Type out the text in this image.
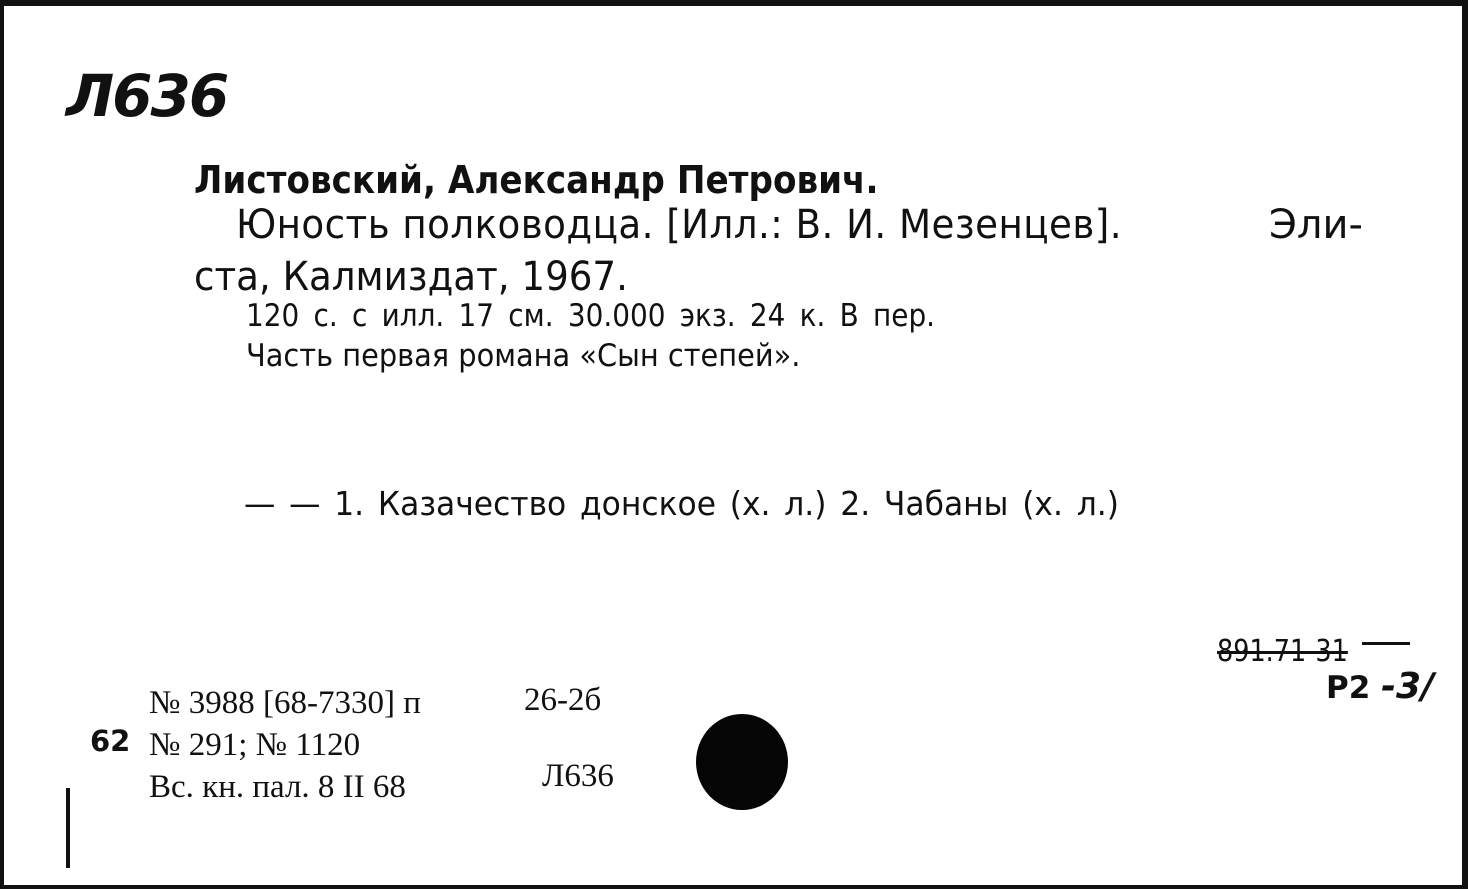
Л636
Листовский, Александр Петрович.
Юность полководца. [Илл.: В. И. Мезенцев].	Эли-
ста, Калмиздат, 1967.
120 с. с илл. 17 см. 30.000 экз. 24 к. В пер.
Часть первая романа «Сын степей».
— — 1. Казачество донское (х. л.) 2. Чабаны (х. л.)
891.71-31
Р2 -3/
62
№ 3988 [68-7330] п
№ 291; № 1120
Вс. кн. пал. 8 II 68
26-2б
Л636
